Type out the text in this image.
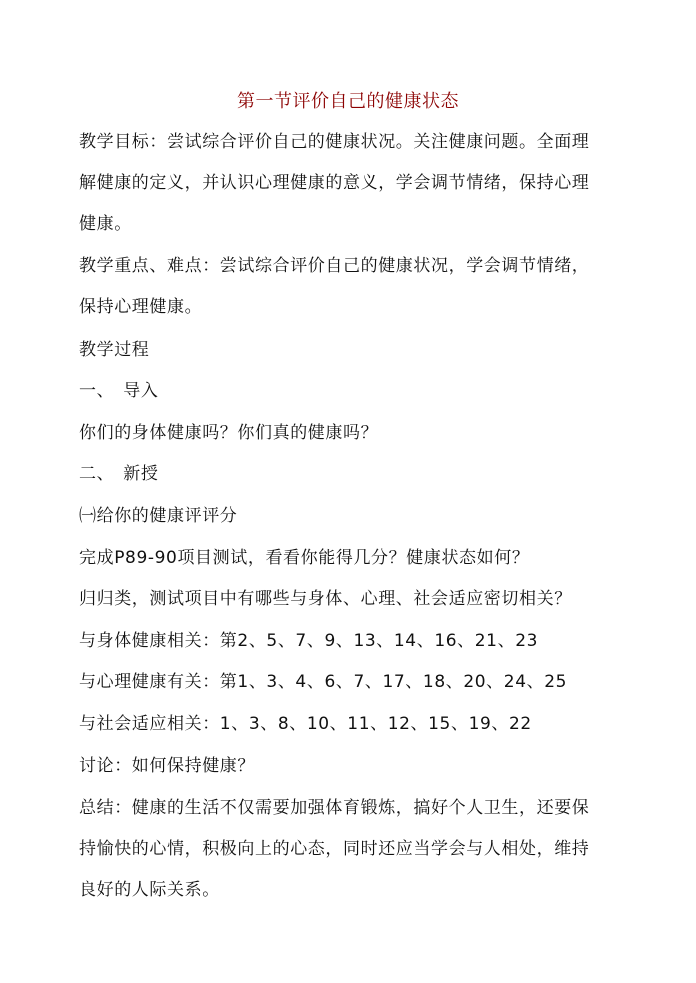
第一节评价自己的健康状态
教学目标：尝试综合评价自己的健康状况。关注健康问题。全面理
解健康的定义，并认识心理健康的意义，学会调节情绪，保持心理
健康。
教学重点、难点：尝试综合评价自己的健康状况，学会调节情绪，
保持心理健康。
教学过程
一、　导入
你们的身体健康吗？你们真的健康吗？
二、　新授
㈠给你的健康评评分
完成P89-90项目测试，看看你能得几分？健康状态如何？
归归类，测试项目中有哪些与身体、心理、社会适应密切相关？
与身体健康相关：第2、5、7、9、13、14、16、21、23
与心理健康有关：第1、3、4、6、7、17、18、20、24、25
与社会适应相关：1、3、8、10、11、12、15、19、22
讨论：如何保持健康？
总结：健康的生活不仅需要加强体育锻炼，搞好个人卫生，还要保
持愉快的心情，积极向上的心态，同时还应当学会与人相处，维持
良好的人际关系。
